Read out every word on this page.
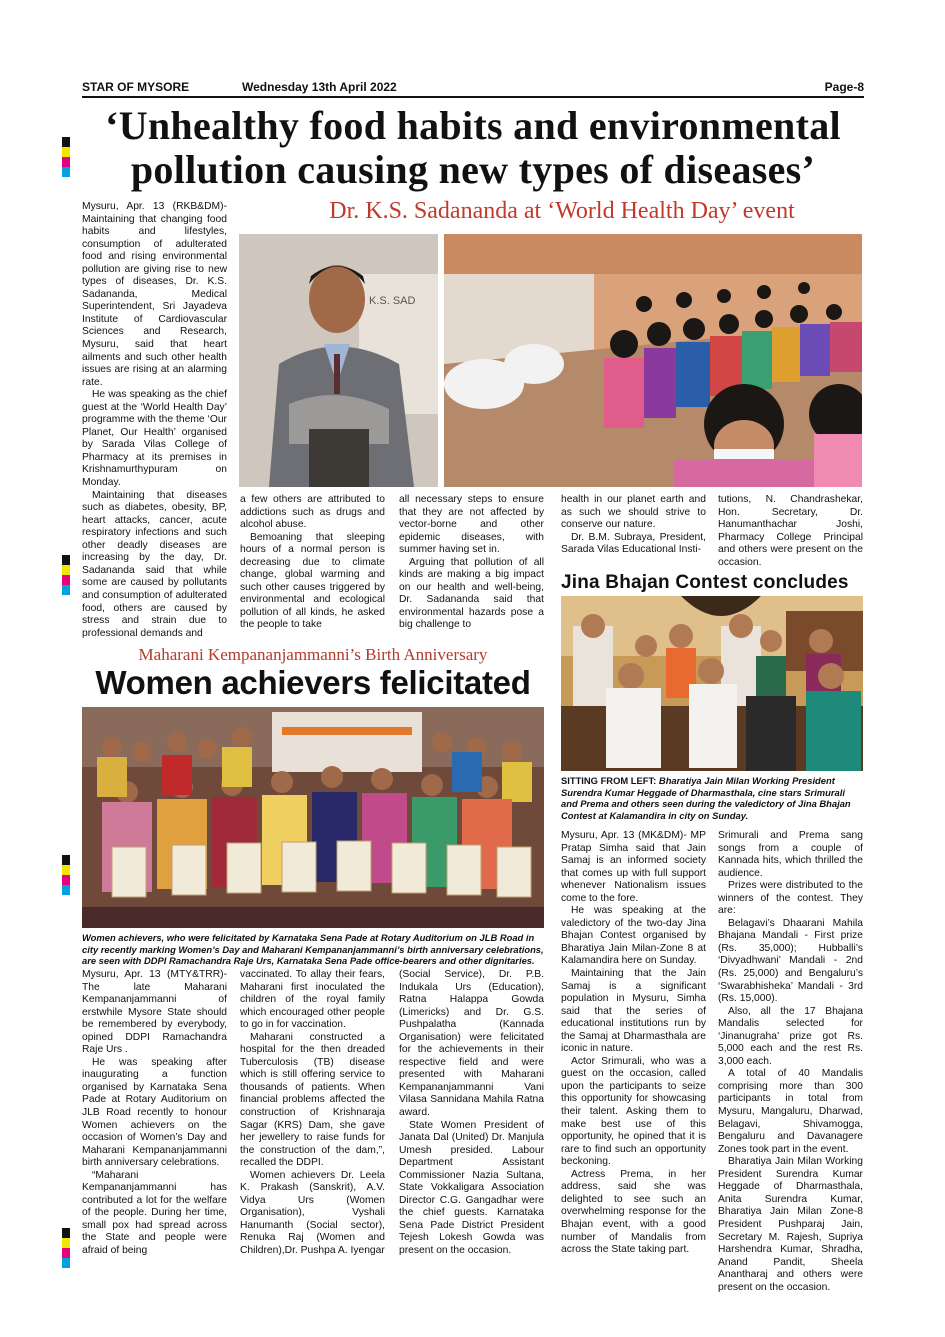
STAR OF MYSORE	Wednesday 13th April 2022	Page-8
‘Unhealthy food habits and environmental
pollution causing new types of diseases’
Dr. K.S. Sadananda at ‘World Health Day’ event

Mysuru, Apr. 13 (RKB&DM)- Maintaining that changing food habits and lifestyles, consumption of adulterated food and rising environmental pollution are giving rise to new types of diseases, Dr. K.S. Sadananda, Medical Superintendent, Sri Jayadeva Institute of Cardiovascular Sciences and Research, Mysuru, said that heart ailments and such other health issues are rising at an alarming rate.

He was speaking as the chief guest at the ‘World Health Day’ programme with the theme ‘Our Planet, Our Health’ organised by Sarada Vilas College of Pharmacy at its premises in Krishnamurthypuram on Monday.

Maintaining that diseases such as diabetes, obesity, BP, heart attacks, cancer, acute respiratory infections and such other deadly diseases are increasing by the day, Dr. Sadananda said that while some are caused by pollutants and consumption of adulterated food, others are caused by stress and strain due to professional demands and

K.S. SAD

a few others are attributed to addictions such as drugs and alcohol abuse.

Bemoaning that sleeping hours of a normal person is decreasing due to climate change, global warming and such other causes triggered by environmental and ecological pollution of all kinds, he asked the people to take

all necessary steps to ensure that they are not affected by vector-borne and other epidemic diseases, with summer having set in.

Arguing that pollution of all kinds are making a big impact on our health and well-being, Dr. Sadananda said that environmental hazards pose a big challenge to

health in our planet earth and as such we should strive to conserve our nature.

Dr. B.M. Subraya, President, Sarada Vilas Educational Insti-

tutions, N. Chandrashekar, Hon. Secretary, Dr. Hanumanthachar Joshi, Pharmacy College Principal and others were present on the occasion.

Jina Bhajan Contest concludes
SITTING FROM LEFT: Bharatiya Jain Milan Working President Surendra Kumar Heggade of Dharmasthala, cine stars Srimurali and Prema and others seen during the valedictory of Jina Bhajan Contest at Kalamandira in city on Sunday.
Maharani Kempananjammanni’s Birth Anniversary
Women achievers felicitated
Women achievers, who were felicitated by Karnataka Sena Pade at Rotary Auditorium on JLB Road in city recently marking Women’s Day and Maharani Kempananjammanni’s birth anniversary celebrations, are seen with DDPI Ramachandra Raje Urs, Karnataka Sena Pade office-bearers and other dignitaries.

Mysuru, Apr. 13 (MTY&TRR)- The late Maharani Kempananjammanni of erstwhile Mysore State should be remembered by everybody, opined DDPI Ramachandra Raje Urs .

He was speaking after inaugurating a function organised by Karnataka Sena Pade at Rotary Auditorium on JLB Road recently to honour Women achievers on the occasion of Women’s Day and Maharani Kempananjammanni birth anniversary celebrations.

“Maharani Kempananjammanni has contributed a lot for the welfare of the people. During her time, small pox had spread across the State and people were afraid of being

vaccinated. To allay their fears, Maharani first inoculated the children of the royal family which encouraged other people to go in for vaccination.

Maharani constructed a hospital for the then dreaded Tuberculosis (TB) disease which is still offering service to thousands of patients. When financial problems affected the construction of Krishnaraja Sagar (KRS) Dam, she gave her jewellery to raise funds for the construction of the dam,”, recalled the DDPI.

Women achievers Dr. Leela K. Prakash (Sanskrit), A.V. Vidya Urs (Women Organisation), Vyshali Hanumanth (Social sector), Renuka Raj (Women and Children),Dr. Pushpa A. Iyengar

(Social Service), Dr. P.B. Indukala Urs (Education), Ratna Halappa Gowda (Limericks) and Dr. G.S. Pushpalatha (Kannada Organisation) were felicitated for the achievements in their respective field and were presented with Maharani Kempananjammanni Vani Vilasa Sannidana Mahila Ratna award.

State Women President of Janata Dal (United) Dr. Manjula Umesh presided. Labour Department Assistant Commissioner Nazia Sultana, State Vokkaligara Association Director C.G. Gangadhar were the chief guests. Karnataka Sena Pade District President Tejesh Lokesh Gowda was present on the occasion.

Mysuru, Apr. 13 (MK&DM)- MP Pratap Simha said that Jain Samaj is an informed society that comes up with full support whenever Nationalism issues come to the fore.

He was speaking at the valedictory of the two-day Jina Bhajan Contest organised by Bharatiya Jain Milan-Zone 8 at Kalamandira here on Sunday.

Maintaining that the Jain Samaj is a significant population in Mysuru, Simha said that the series of educational institutions run by the Samaj at Dharmasthala are iconic in nature.

Actor Srimurali, who was a guest on the occasion, called upon the participants to seize this opportunity for showcasing their talent. Asking them to make best use of this opportunity, he opined that it is rare to find such an opportunity beckoning.

Actress Prema, in her address, said she was delighted to see such an overwhelming response for the Bhajan event, with a good number of Mandalis from across the State taking part.

Srimurali and Prema sang songs from a couple of Kannada hits, which thrilled the audience.

Prizes were distributed to the winners of the contest. They are:

Belagavi’s Dhaarani Mahila Bhajana Mandali - First prize (Rs. 35,000); Hubballi’s ‘Divyadhwani’ Mandali - 2nd (Rs. 25,000) and Bengaluru’s ‘Swarabhisheka’ Mandali - 3rd (Rs. 15,000).

Also, all the 17 Bhajana Mandalis selected for ‘Jinanugraha’ prize got Rs. 5,000 each and the rest Rs. 3,000 each.

A total of 40 Mandalis comprising more than 300 participants in total from Mysuru, Mangaluru, Dharwad, Belagavi, Shivamogga, Bengaluru and Davanagere Zones took part in the event.

Bharatiya Jain Milan Working President Surendra Kumar Heggade of Dharmasthala, Anita Surendra Kumar, Bharatiya Jain Milan Zone-8 President Pushparaj Jain, Secretary M. Rajesh, Supriya Harshendra Kumar, Shradha, Anand Pandit, Sheela Anantharaj and others were present on the occasion.
